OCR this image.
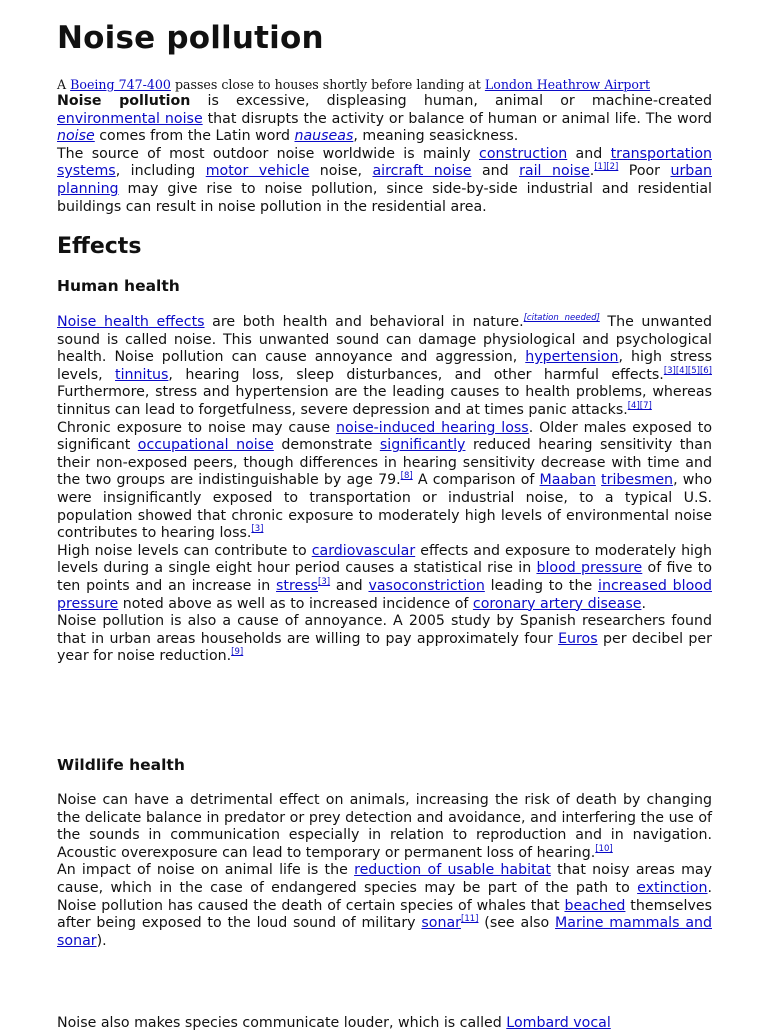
Noise pollution
A Boeing 747-400 passes close to houses shortly before landing at London Heathrow Airport

Noise pollution is excessive, displeasing human, animal or machine-created environmental noise that disrupts the activity or balance of human or animal life. The word noise comes from the Latin word nauseas, meaning seasickness.

The source of most outdoor noise worldwide is mainly construction and transportation systems, including motor vehicle noise, aircraft noise and rail noise.[1][2] Poor urban planning may give rise to noise pollution, since side-by-side industrial and residential buildings can result in noise pollution in the residential area.

Effects
Human health

Noise health effects are both health and behavioral in nature.[citation needed] The unwanted sound is called noise. This unwanted sound can damage physiological and psychological health. Noise pollution can cause annoyance and aggression, hypertension, high stress levels, tinnitus, hearing loss, sleep disturbances, and other harmful effects.[3][4][5][6] Furthermore, stress and hypertension are the leading causes to health problems, whereas tinnitus can lead to forgetfulness, severe depression and at times panic attacks.[4][7]

Chronic exposure to noise may cause noise-induced hearing loss. Older males exposed to significant occupational noise demonstrate significantly reduced hearing sensitivity than their non-exposed peers, though differences in hearing sensitivity decrease with time and the two groups are indistinguishable by age 79.[8] A comparison of Maaban tribesmen, who were insignificantly exposed to transportation or industrial noise, to a typical U.S. population showed that chronic exposure to moderately high levels of environmental noise contributes to hearing loss.[3]

High noise levels can contribute to cardiovascular effects and exposure to moderately high levels during a single eight hour period causes a statistical rise in blood pressure of five to ten points and an increase in stress[3] and vasoconstriction leading to the increased blood pressure noted above as well as to increased incidence of coronary artery disease.

Noise pollution is also a cause of annoyance. A 2005 study by Spanish researchers found that in urban areas households are willing to pay approximately four Euros per decibel per year for noise reduction.[9]

Wildlife health

Noise can have a detrimental effect on animals, increasing the risk of death by changing the delicate balance in predator or prey detection and avoidance, and interfering the use of the sounds in communication especially in relation to reproduction and in navigation. Acoustic overexposure can lead to temporary or permanent loss of hearing.[10]

An impact of noise on animal life is the reduction of usable habitat that noisy areas may cause, which in the case of endangered species may be part of the path to extinction. Noise pollution has caused the death of certain species of whales that beached themselves after being exposed to the loud sound of military sonar[11] (see also Marine mammals and sonar).

Noise also makes species communicate louder, which is called Lombard vocal
